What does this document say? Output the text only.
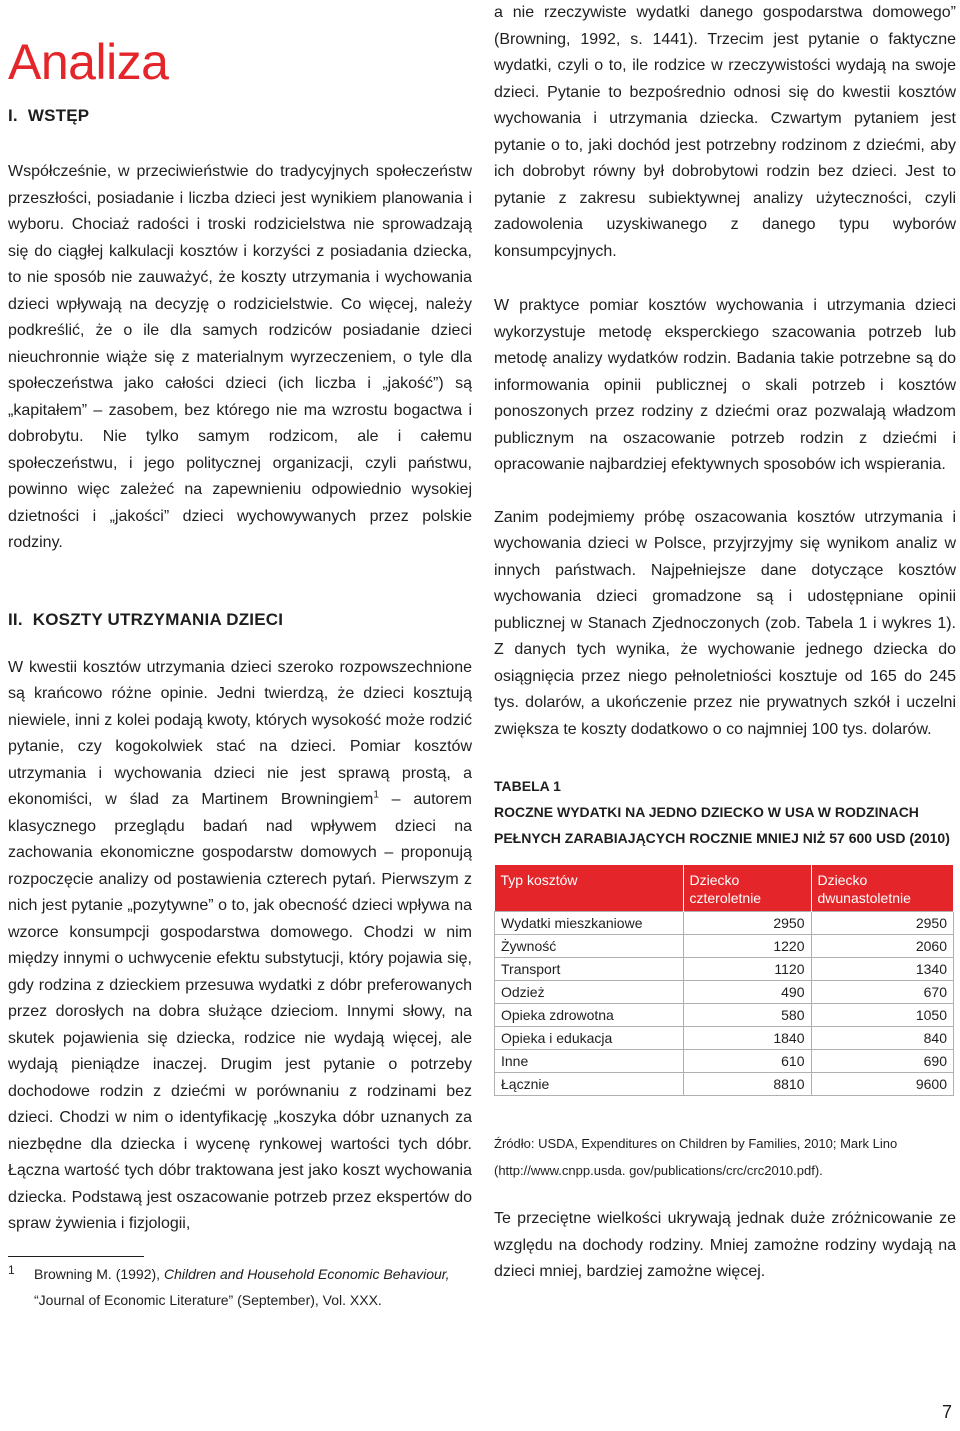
Analiza
I. WSTĘP

Współcześnie, w przeciwieństwie do tradycyjnych społeczeństw przeszłości, posiadanie i liczba dzieci jest wynikiem planowania i wyboru. Chociaż radości i troski rodzicielstwa nie sprowadzają się do ciągłej kalkulacji kosztów i korzyści z posiadania dziecka, to nie sposób nie zauważyć, że koszty utrzymania i wychowania dzieci wpływają na decyzję o rodzicielstwie. Co więcej, należy podkreślić, że o ile dla samych rodziców posiadanie dzieci nieuchronnie wiąże się z materialnym wyrzeczeniem, o tyle dla społeczeństwa jako całości dzieci (ich liczba i „jakość”) są „kapitałem” – zasobem, bez którego nie ma wzrostu bogactwa i dobrobytu. Nie tylko samym rodzicom, ale i całemu społeczeństwu, i jego politycznej organizacji, czyli państwu, powinno więc zależeć na zapewnieniu odpowiednio wysokiej dzietności i „jakości” dzieci wychowywanych przez polskie rodziny.

II. KOSZTY UTRZYMANIA DZIECI

W kwestii kosztów utrzymania dzieci szeroko rozpowszechnione są krańcowo różne opinie. Jedni twierdzą, że dzieci kosztują niewiele, inni z kolei podają kwoty, których wysokość może rodzić pytanie, czy kogokolwiek stać na dzieci. Pomiar kosztów utrzymania i wychowania dzieci nie jest sprawą prostą, a ekonomiści, w ślad za Martinem Browningiem$^1$ – autorem klasycznego przeglądu badań nad wpływem dzieci na zachowania ekonomiczne gospodarstw domowych – proponują rozpoczęcie analizy od postawienia czterech pytań. Pierwszym z nich jest pytanie „pozytywne” o to, jak obecność dzieci wpływa na wzorce konsumpcji gospodarstwa domowego. Chodzi w nim między innymi o uchwycenie efektu substytucji, który pojawia się, gdy rodzina z dzieckiem przesuwa wydatki z dóbr preferowanych przez dorosłych na dobra służące dzieciom. Innymi słowy, na skutek pojawienia się dziecka, rodzice nie wydają więcej, ale wydają pieniądze inaczej. Drugim jest pytanie o potrzeby dochodowe rodzin z dziećmi w porównaniu z rodzinami bez dzieci. Chodzi w nim o identyfikację „koszyka dóbr uznanych za niezbędne dla dziecka i wycenę rynkowej wartości tych dóbr. Łączna wartość tych dóbr traktowana jest jako koszt wychowania dziecka. Podstawą jest oszacowanie potrzeb przez ekspertów do spraw żywienia i fizjologii,

1 Browning M. (1992), Children and Household Economic Behaviour, “Journal of Economic Literature” (September), Vol. XXX.

a nie rzeczywiste wydatki danego gospodarstwa domowego” (Browning, 1992, s. 1441). Trzecim jest pytanie o faktyczne wydatki, czyli o to, ile rodzice w rzeczywistości wydają na swoje dzieci. Pytanie to bezpośrednio odnosi się do kwestii kosztów wychowania i utrzymania dziecka. Czwartym pytaniem jest pytanie o to, jaki dochód jest potrzebny rodzinom z dziećmi, aby ich dobrobyt równy był dobrobytowi rodzin bez dzieci. Jest to pytanie z zakresu subiektywnej analizy użyteczności, czyli zadowolenia uzyskiwanego z danego typu wyborów konsumpcyjnych.

W praktyce pomiar kosztów wychowania i utrzymania dzieci wykorzystuje metodę eksperckiego szacowania potrzeb lub metodę analizy wydatków rodzin. Badania takie potrzebne są do informowania opinii publicznej o skali potrzeb i kosztów ponoszonych przez rodziny z dziećmi oraz pozwalają władzom publicznym na oszacowanie potrzeb rodzin z dziećmi i opracowanie najbardziej efektywnych sposobów ich wspierania.

Zanim podejmiemy próbę oszacowania kosztów utrzymania i wychowania dzieci w Polsce, przyjrzyjmy się wynikom analiz w innych państwach. Najpełniejsze dane dotyczące kosztów wychowania dzieci gromadzone są i udostępniane opinii publicznej w Stanach Zjednoczonych (zob. Tabela 1 i wykres 1). Z danych tych wynika, że wychowanie jednego dziecka do osiągnięcia przez niego pełnoletniości kosztuje od 165 do 245 tys. dolarów, a ukończenie przez nie prywatnych szkół i uczelni zwiększa te koszty dodatkowo o co najmniej 100 tys. dolarów.

TABELA 1

ROCZNE WYDATKI NA JEDNO DZIECKO W USA W RODZINACH PEŁNYCH ZARABIAJĄCYCH ROCZNIE MNIEJ NIŻ 57 600 USD (2010)

Typ kosztów	Dziecko czteroletnie	Dziecko dwunastoletnie
Wydatki mieszkaniowe	2950	2950
Żywność	1220	2060
Transport	1120	1340
Odzież	490	670
Opieka zdrowotna	580	1050
Opieka i edukacja	1840	840
Inne	610	690
Łącznie	8810	9600

Źródło: USDA, Expenditures on Children by Families, 2010; Mark Lino (http://www.cnpp.usda. gov/publications/crc/crc2010.pdf).

Te przeciętne wielkości ukrywają jednak duże zróżnicowanie ze względu na dochody rodziny. Mniej zamożne rodziny wydają na dzieci mniej, bardziej zamożne więcej.

7
